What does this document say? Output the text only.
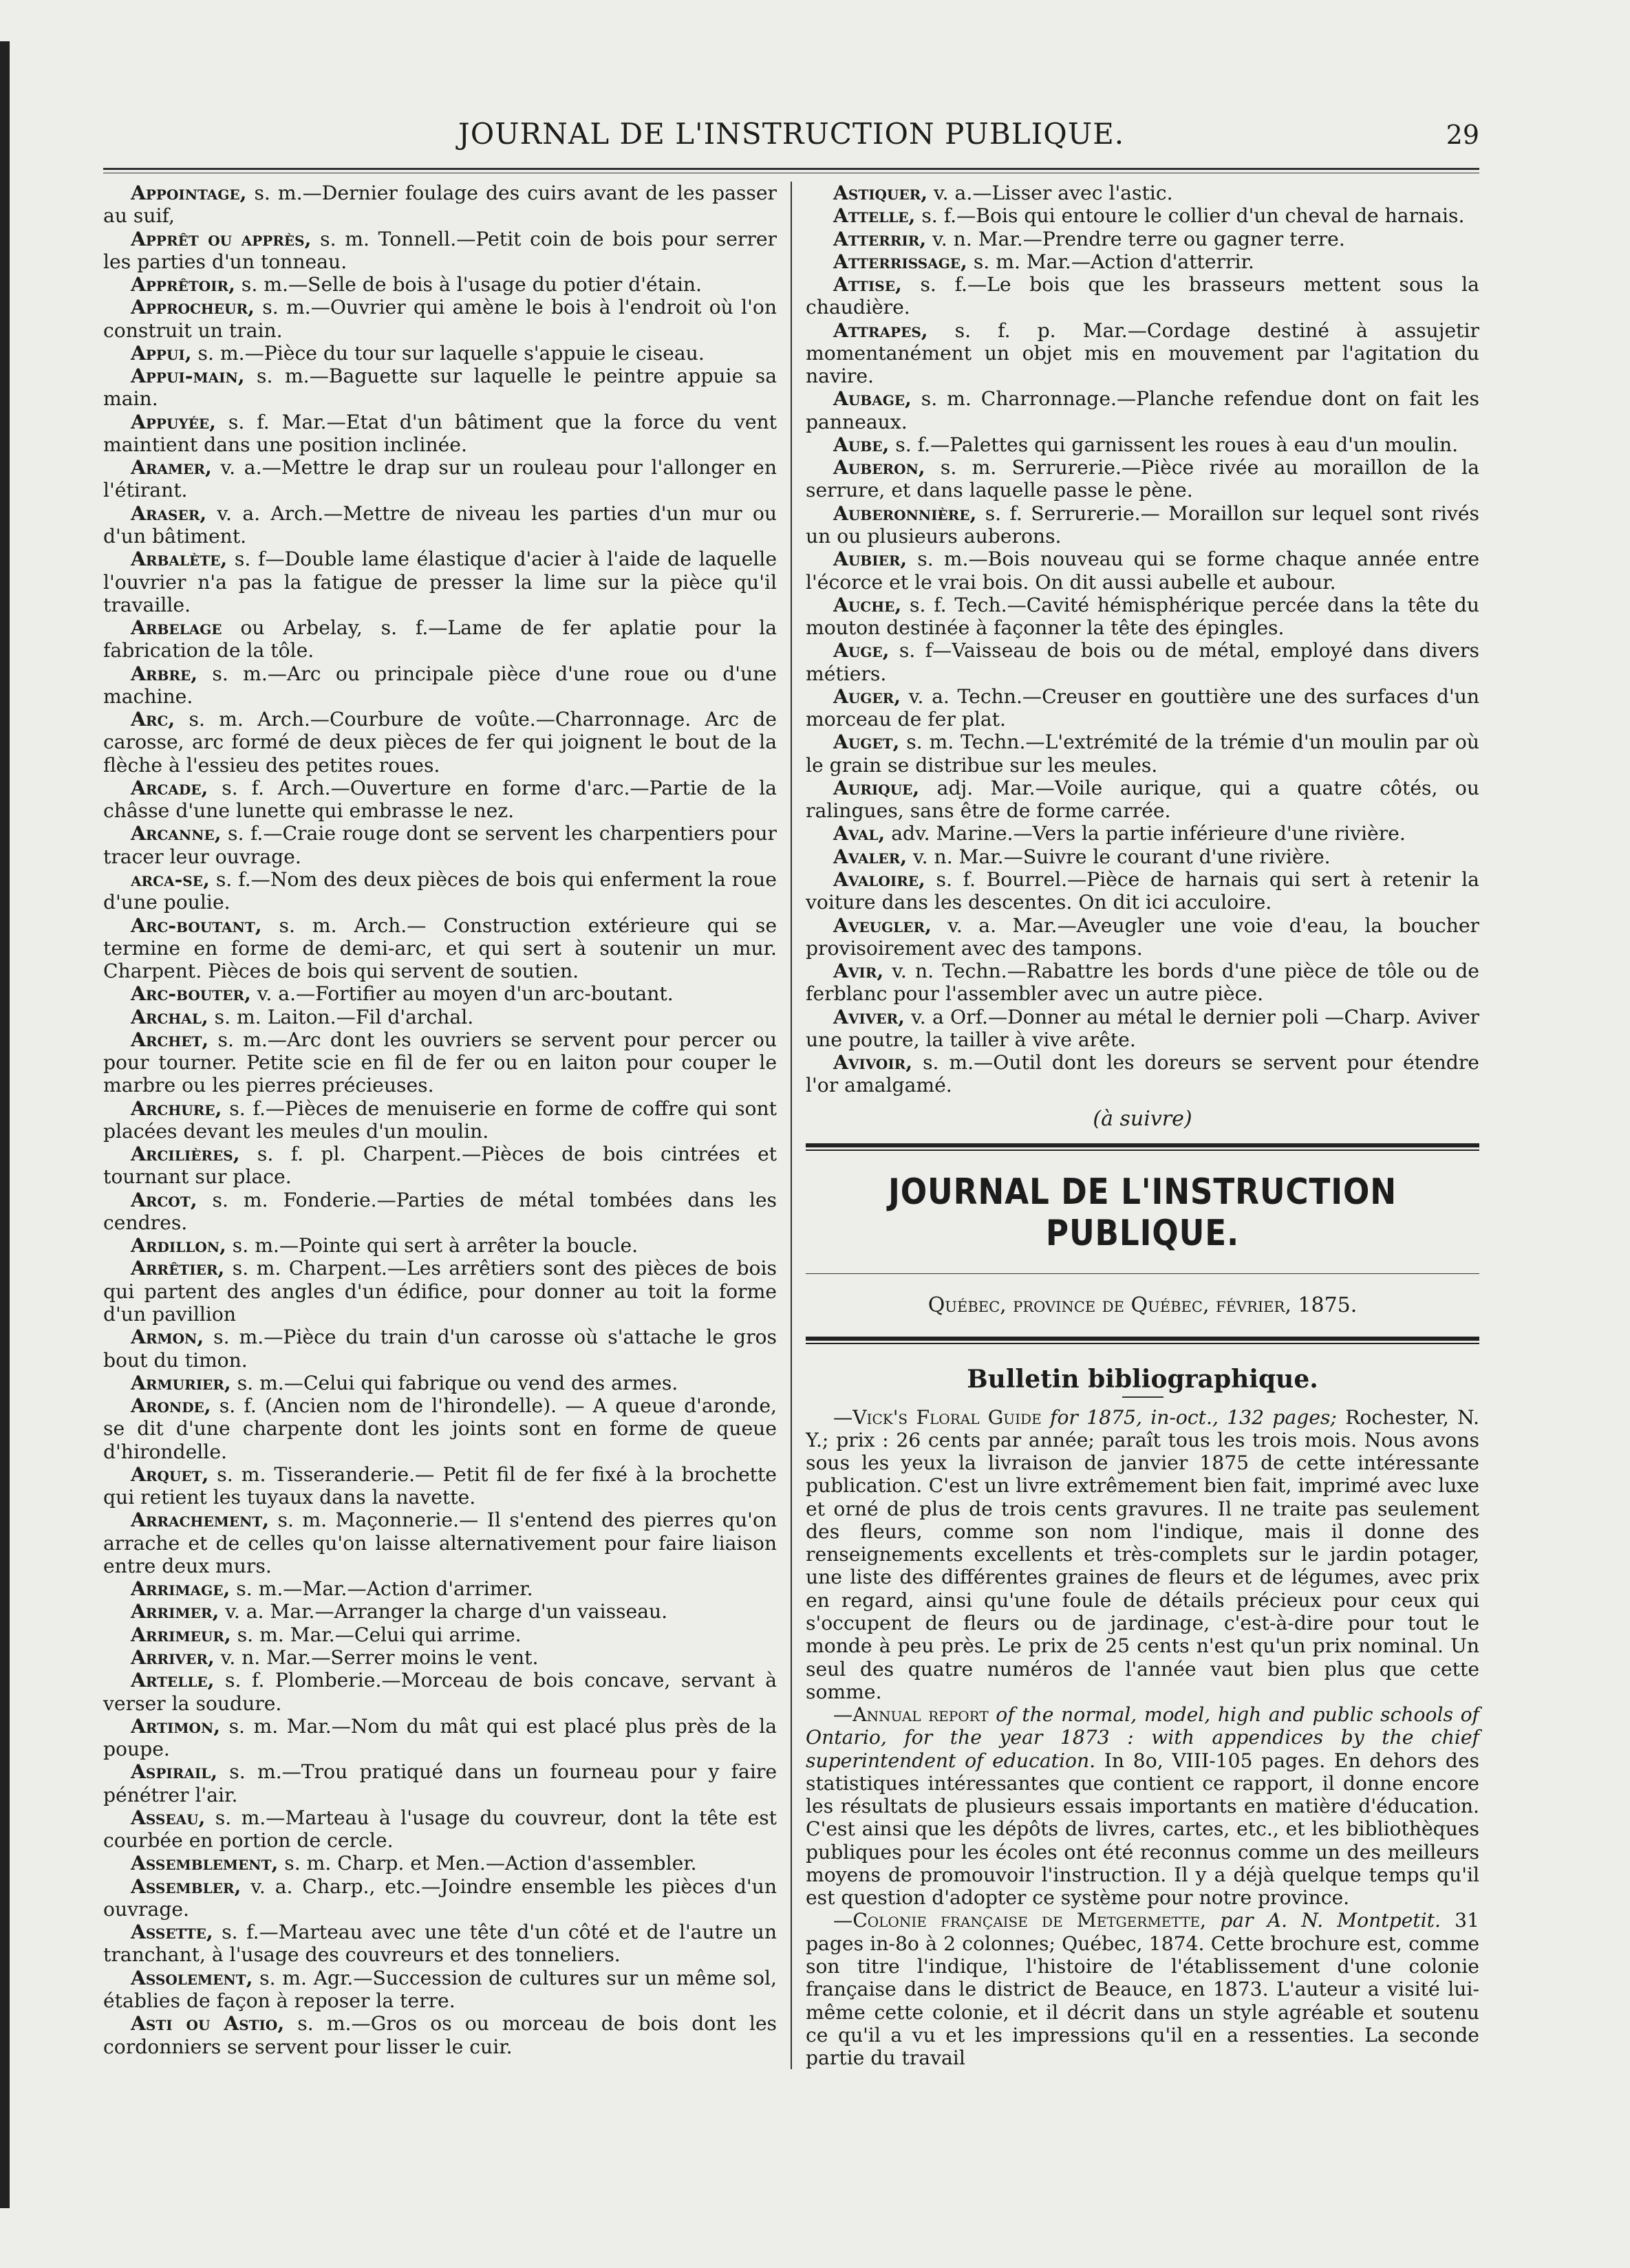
JOURNAL DE L'INSTRUCTION PUBLIQUE.	29

Appointage, s. m.—Dernier foulage des cuirs avant de les passer au suif,

Apprêt ou apprès, s. m. Tonnell.—Petit coin de bois pour serrer les parties d'un tonneau.

Apprêtoir, s. m.—Selle de bois à l'usage du potier d'étain.

Approcheur, s. m.—Ouvrier qui amène le bois à l'endroit où l'on construit un train.

Appui, s. m.—Pièce du tour sur laquelle s'appuie le ciseau.

Appui-main, s. m.—Baguette sur laquelle le peintre appuie sa main.

Appuyée, s. f. Mar.—Etat d'un bâtiment que la force du vent maintient dans une position inclinée.

Aramer, v. a.—Mettre le drap sur un rouleau pour l'allonger en l'étirant.

Araser, v. a. Arch.—Mettre de niveau les parties d'un mur ou d'un bâtiment.

Arbalète, s. f—Double lame élastique d'acier à l'aide de laquelle l'ouvrier n'a pas la fatigue de presser la lime sur la pièce qu'il travaille.

Arbelage ou Arbelay, s. f.—Lame de fer aplatie pour la fabrication de la tôle.

Arbre, s. m.—Arc ou principale pièce d'une roue ou d'une machine.

Arc, s. m. Arch.—Courbure de voûte.—Charronnage. Arc de carosse, arc formé de deux pièces de fer qui joignent le bout de la flèche à l'essieu des petites roues.

Arcade, s. f. Arch.—Ouverture en forme d'arc.—Partie de la châsse d'une lunette qui embrasse le nez.

Arcanne, s. f.—Craie rouge dont se servent les charpentiers pour tracer leur ouvrage.

arca-se, s. f.—Nom des deux pièces de bois qui enferment la roue d'une poulie.

Arc-boutant, s. m. Arch.— Construction extérieure qui se termine en forme de demi-arc, et qui sert à soutenir un mur. Charpent. Pièces de bois qui servent de soutien.

Arc-bouter, v. a.—Fortifier au moyen d'un arc-boutant.

Archal, s. m. Laiton.—Fil d'archal.

Archet, s. m.—Arc dont les ouvriers se servent pour percer ou pour tourner. Petite scie en fil de fer ou en laiton pour couper le marbre ou les pierres précieuses.

Archure, s. f.—Pièces de menuiserie en forme de coffre qui sont placées devant les meules d'un moulin.

Arcilières, s. f. pl. Charpent.—Pièces de bois cintrées et tournant sur place.

Arcot, s. m. Fonderie.—Parties de métal tombées dans les cendres.

Ardillon, s. m.—Pointe qui sert à arrêter la boucle.

Arrêtier, s. m. Charpent.—Les arrêtiers sont des pièces de bois qui partent des angles d'un édifice, pour donner au toit la forme d'un pavillion

Armon, s. m.—Pièce du train d'un carosse où s'attache le gros bout du timon.

Armurier, s. m.—Celui qui fabrique ou vend des armes.

Aronde, s. f. (Ancien nom de l'hirondelle). — A queue d'aronde, se dit d'une charpente dont les joints sont en forme de queue d'hirondelle.

Arquet, s. m. Tisseranderie.— Petit fil de fer fixé à la brochette qui retient les tuyaux dans la navette.

Arrachement, s. m. Maçonnerie.— Il s'entend des pierres qu'on arrache et de celles qu'on laisse alternativement pour faire liaison entre deux murs.

Arrimage, s. m.—Mar.—Action d'arrimer.

Arrimer, v. a. Mar.—Arranger la charge d'un vaisseau.

Arrimeur, s. m. Mar.—Celui qui arrime.

Arriver, v. n. Mar.—Serrer moins le vent.

Artelle, s. f. Plomberie.—Morceau de bois concave, servant à verser la soudure.

Artimon, s. m. Mar.—Nom du mât qui est placé plus près de la poupe.

Aspirail, s. m.—Trou pratiqué dans un fourneau pour y faire pénétrer l'air.

Asseau, s. m.—Marteau à l'usage du couvreur, dont la tête est courbée en portion de cercle.

Assemblement, s. m. Charp. et Men.—Action d'assembler.

Assembler, v. a. Charp., etc.—Joindre ensemble les pièces d'un ouvrage.

Assette, s. f.—Marteau avec une tête d'un côté et de l'autre un tranchant, à l'usage des couvreurs et des tonneliers.

Assolement, s. m. Agr.—Succession de cultures sur un même sol, établies de façon à reposer la terre.

Asti ou Astio, s. m.—Gros os ou morceau de bois dont les cordonniers se servent pour lisser le cuir.

Astiquer, v. a.—Lisser avec l'astic.

Attelle, s. f.—Bois qui entoure le collier d'un cheval de harnais.

Atterrir, v. n. Mar.—Prendre terre ou gagner terre.

Atterrissage, s. m. Mar.—Action d'atterrir.

Attise, s. f.—Le bois que les brasseurs mettent sous la chaudière.

Attrapes, s. f. p. Mar.—Cordage destiné à assujetir momentanément un objet mis en mouvement par l'agitation du navire.

Aubage, s. m. Charronnage.—Planche refendue dont on fait les panneaux.

Aube, s. f.—Palettes qui garnissent les roues à eau d'un moulin.

Auberon, s. m. Serrurerie.—Pièce rivée au moraillon de la serrure, et dans laquelle passe le pène.

Auberonnière, s. f. Serrurerie.— Moraillon sur lequel sont rivés un ou plusieurs auberons.

Aubier, s. m.—Bois nouveau qui se forme chaque année entre l'écorce et le vrai bois. On dit aussi aubelle et aubour.

Auche, s. f. Tech.—Cavité hémisphérique percée dans la tête du mouton destinée à façonner la tête des épingles.

Auge, s. f—Vaisseau de bois ou de métal, employé dans divers métiers.

Auger, v. a. Techn.—Creuser en gouttière une des surfaces d'un morceau de fer plat.

Auget, s. m. Techn.—L'extrémité de la trémie d'un moulin par où le grain se distribue sur les meules.

Aurique, adj. Mar.—Voile aurique, qui a quatre côtés, ou ralingues, sans être de forme carrée.

Aval, adv. Marine.—Vers la partie inférieure d'une rivière.

Avaler, v. n. Mar.—Suivre le courant d'une rivière.

Avaloire, s. f. Bourrel.—Pièce de harnais qui sert à retenir la voiture dans les descentes. On dit ici acculoire.

Aveugler, v. a. Mar.—Aveugler une voie d'eau, la boucher provisoirement avec des tampons.

Avir, v. n. Techn.—Rabattre les bords d'une pièce de tôle ou de ferblanc pour l'assembler avec un autre pièce.

Aviver, v. a Orf.—Donner au métal le dernier poli —Charp. Aviver une poutre, la tailler à vive arête.

Avivoir, s. m.—Outil dont les doreurs se servent pour étendre l'or amalgamé.

(à suivre)
JOURNAL DE L'INSTRUCTION PUBLIQUE.
Québec, province de Québec, février, 1875.
Bulletin bibliographique.

—Vick's Floral Guide for 1875, in-oct., 132 pages; Rochester, N. Y.; prix : 26 cents par année; paraît tous les trois mois. Nous avons sous les yeux la livraison de janvier 1875 de cette intéressante publication. C'est un livre extrêmement bien fait, imprimé avec luxe et orné de plus de trois cents gravures. Il ne traite pas seulement des fleurs, comme son nom l'indique, mais il donne des renseignements excellents et très-complets sur le jardin potager, une liste des différentes graines de fleurs et de légumes, avec prix en regard, ainsi qu'une foule de détails précieux pour ceux qui s'occupent de fleurs ou de jardinage, c'est-à-dire pour tout le monde à peu près. Le prix de 25 cents n'est qu'un prix nominal. Un seul des quatre numéros de l'année vaut bien plus que cette somme.

—Annual report of the normal, model, high and public schools of Ontario, for the year 1873 : with appendices by the chief superintendent of education. In 8o, VIII-105 pages. En dehors des statistiques intéressantes que contient ce rapport, il donne encore les résultats de plusieurs essais importants en matière d'éducation. C'est ainsi que les dépôts de livres, cartes, etc., et les bibliothèques publiques pour les écoles ont été reconnus comme un des meilleurs moyens de promouvoir l'instruction. Il y a déjà quelque temps qu'il est question d'adopter ce système pour notre province.

—Colonie française de Metgermette, par A. N. Montpetit. 31 pages in-8o à 2 colonnes; Québec, 1874. Cette brochure est, comme son titre l'indique, l'histoire de l'établissement d'une colonie française dans le district de Beauce, en 1873. L'auteur a visité lui-même cette colonie, et il décrit dans un style agréable et soutenu ce qu'il a vu et les impressions qu'il en a ressenties. La seconde partie du travail
